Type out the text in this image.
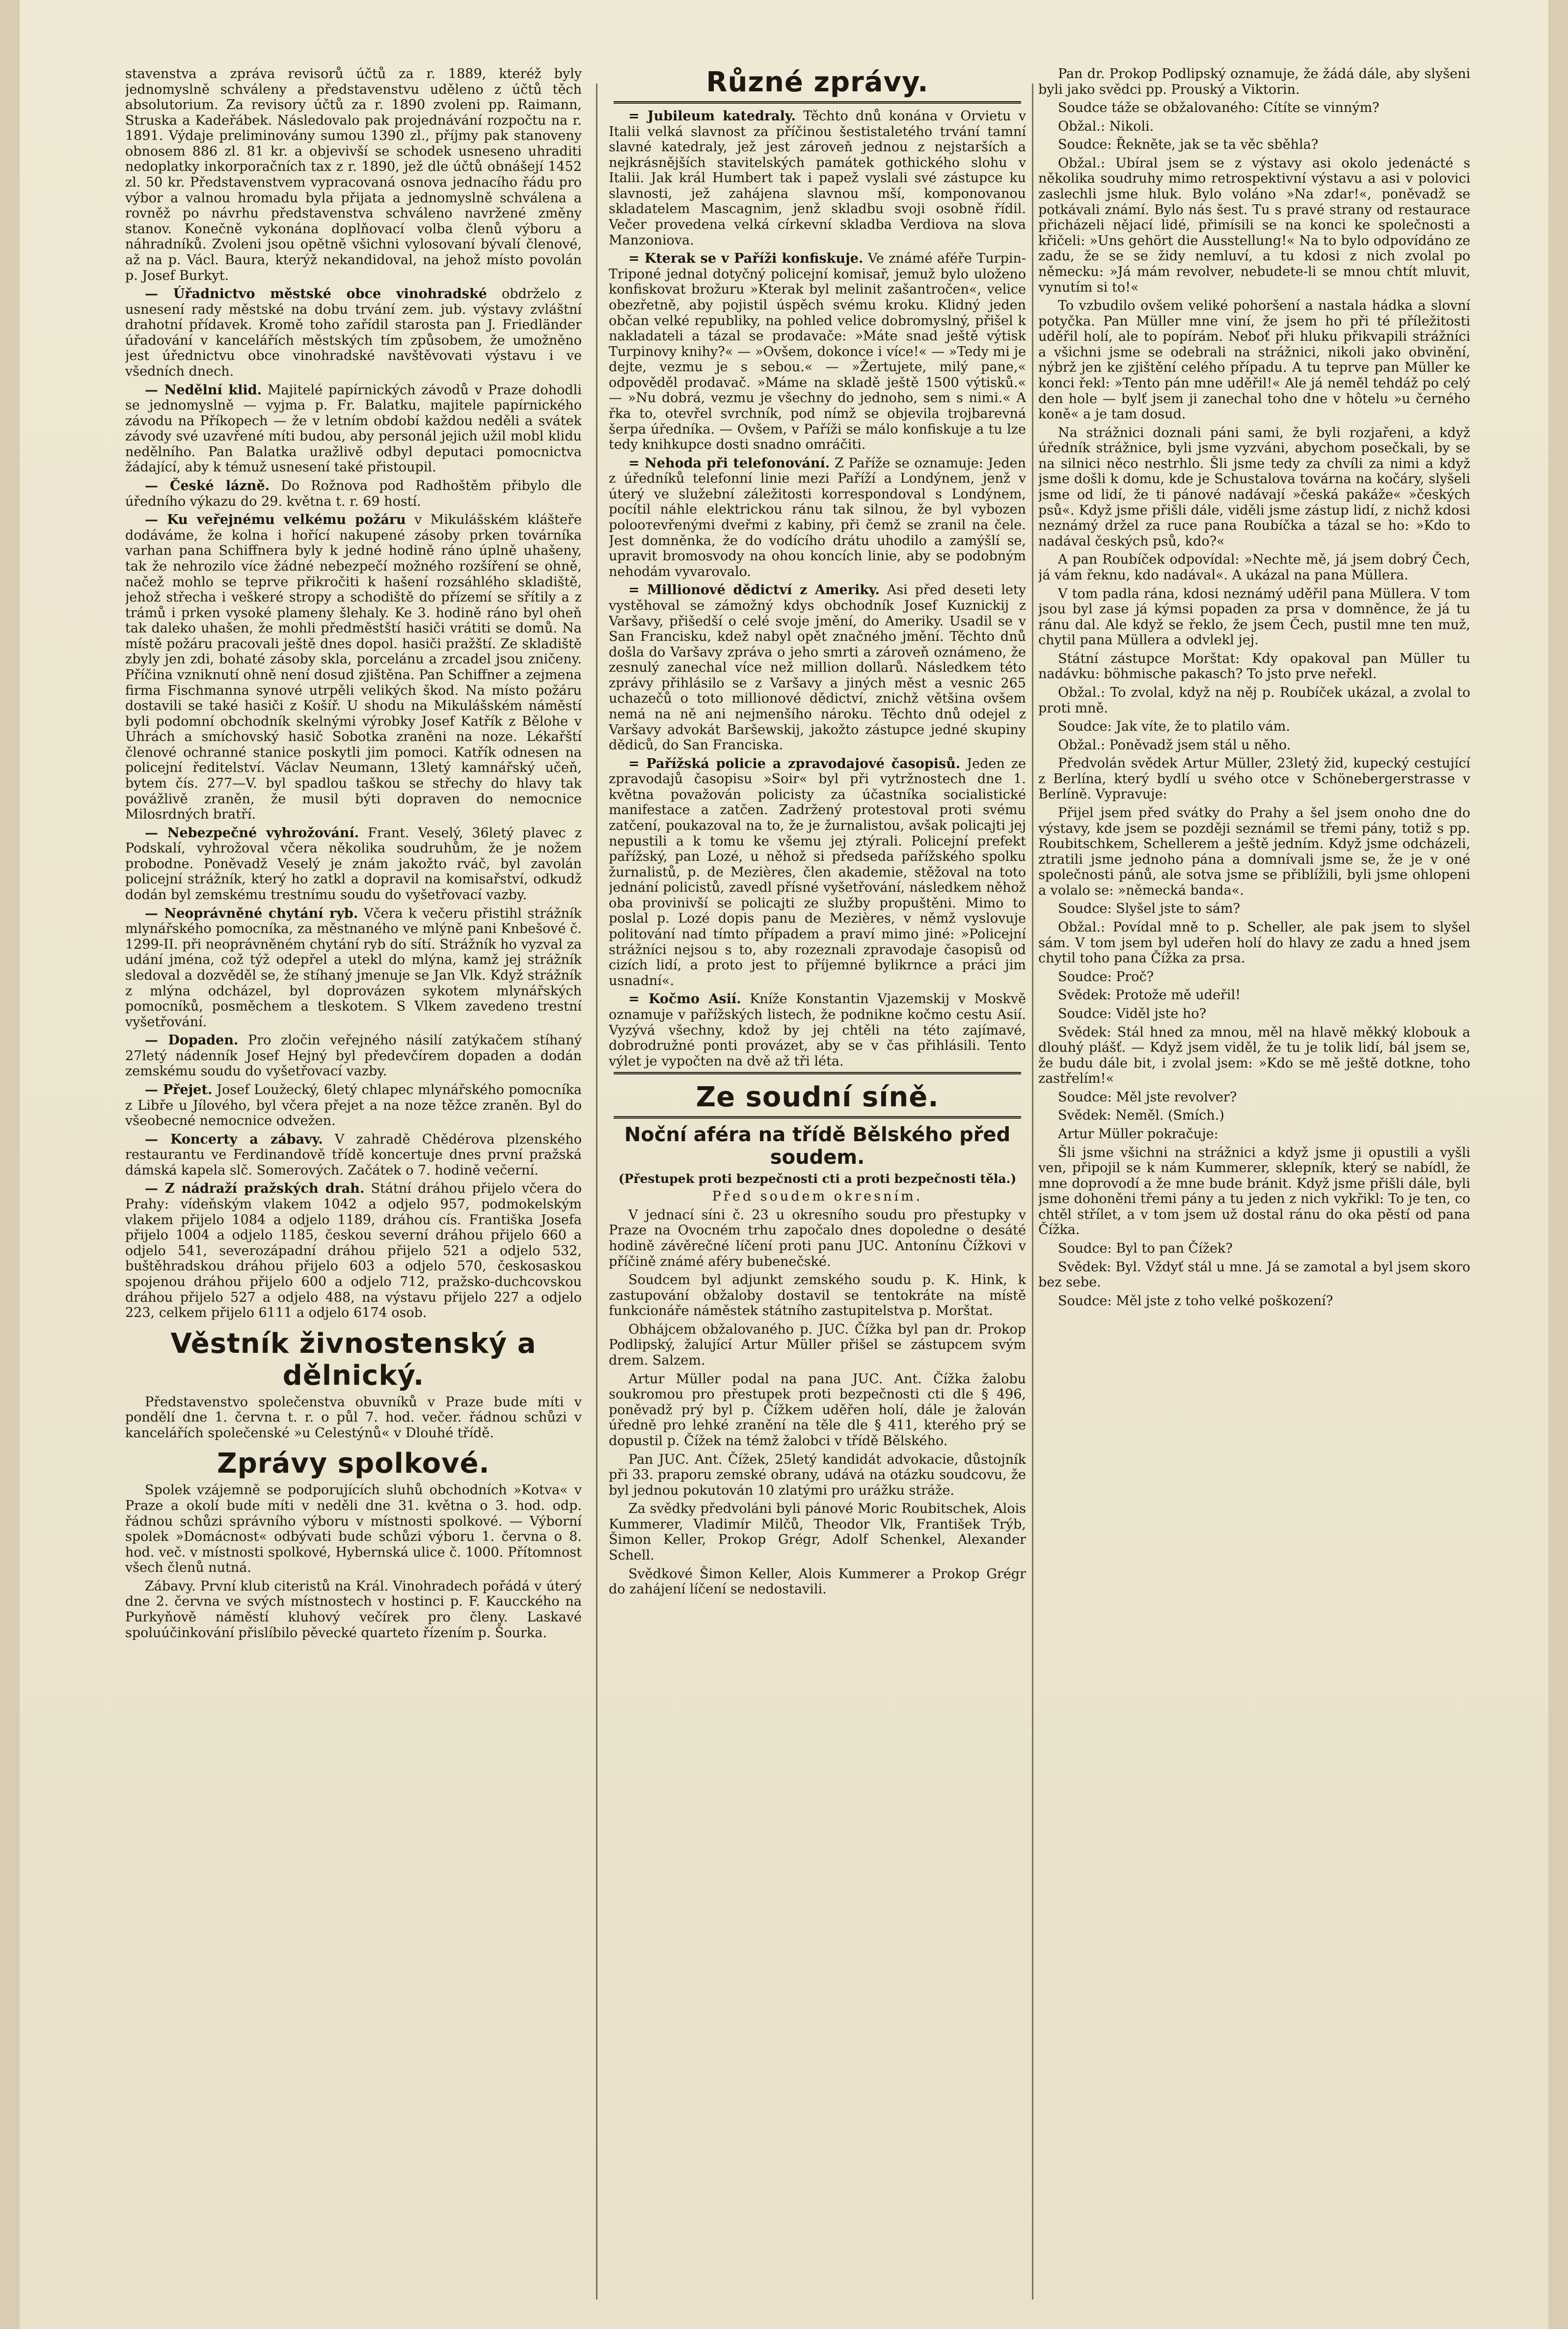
stavenstva a zpráva revisorů účtů za r. 1889, kteréž byly jednomyslně schváleny a představenstvu uděleno z účtů těch absolutorium. Za revisory účtů za r. 1890 zvoleni pp. Raimann, Struska a Kadeřábek. Následovalo pak projednávání rozpočtu na r. 1891. Výdaje preliminovány sumou 1390 zl., příjmy pak stanoveny obnosem 886 zl. 81 kr. a objevivší se schodek usneseno uhraditi nedoplatky inkorporačních tax z r. 1890, jež dle účtů obnášejí 1452 zl. 50 kr. Představenstvem vypracovaná osnova jednacího řádu pro výbor a valnou hromadu byla přijata a jednomyslně schválena a rovněž po návrhu představenstva schváleno navržené změny stanov. Konečně vykonána doplňovací volba členů výboru a náhradníků. Zvoleni jsou opětně všichni vylosovaní bývalí členové, až na p. Václ. Baura, kterýž nekandidoval, na jehož místo povolán p. Josef Burkyt.

— Úřadnictvo městské obce vinohradské obdrželo z usnesení rady městské na dobu trvání zem. jub. výstavy zvláštní drahotní přídavek. Kromě toho zařídil starosta pan J. Friedländer úřadování v kancelářích městských tím způsobem, že umožněno jest úřednictvu obce vinohradské navštěvovati výstavu i ve všedních dnech.

— Nedělní klid. Majitelé papírnických závodů v Praze dohodli se jednomyslně — vyjma p. Fr. Balatku, majitele papírnického závodu na Příkopech — že v letním období každou neděli a svátek závody své uzavřené míti budou, aby personál jejich užil mobl klidu nedělního. Pan Balatka uražlivě odbyl deputaci pomocnictva žádající, aby k témuž usnesení také přistoupil.

— České lázně. Do Rožnova pod Radhoštěm přibylo dle úředního výkazu do 29. května t. r. 69 hostí.

— Ku veřejnému velkému požáru v Mikulášském klášteře dodáváme, že kolna i hořící nakupené zásoby prken továrníka varhan pana Schiffnera byly k jedné hodině ráno úplně uhašeny, tak že nehrozilo více žádné nebezpečí možného rozšíření se ohně, načež mohlo se teprve přikročiti k hašení rozsáhlého skladiště, jehož střecha i veškeré stropy a schodiště do přízemí se sřítily a z trámů i prken vysoké plameny šlehaly. Ke 3. hodině ráno byl oheň tak daleko uhašen, že mohli předměstští hasiči vrátiti se domů. Na místě požáru pracovali ještě dnes dopol. hasiči pražští. Ze skladiště zbyly jen zdi, bohaté zásoby skla, porcelánu a zrcadel jsou zničeny. Příčina vzniknutí ohně není dosud zjištěna. Pan Schiffner a zejmena firma Fischmanna synové utrpěli velikých škod. Na místo požáru dostavili se také hasiči z Košíř. U shodu na Mikulášském náměstí byli podomní obchodník skelnými výrobky Josef Katřík z Bělohe v Uhrách a smíchovský hasič Sobotka zraněni na noze. Lékařští členové ochranné stanice poskytli jim pomoci. Katřík odnesen na policejní ředitelství. Václav Neumann, 13letý kamnářský učeň, bytem čís. 277—V. byl spadlou taškou se střechy do hlavy tak povážlivě zraněn, že musil býti dopraven do nemocnice Milosrdných bratří.

— Nebezpečné vyhrožování. Frant. Veselý, 36letý plavec z Podskalí, vyhrožoval včera několika soudruhům, že je nožem probodne. Poněvadž Veselý je znám jakožto rváč, byl zavolán policejní strážník, který ho zatkl a dopravil na komisařství, odkudž dodán byl zemskému trestnímu soudu do vyšetřovací vazby.

— Neoprávněné chytání ryb. Včera k večeru přistihl strážník mlynářského pomocníka, za městnaného ve mlýně pani Knbešové č. 1299-II. při neoprávněném chytání ryb do sítí. Strážník ho vyzval za udání jména, což týž odepřel a utekl do mlýna, kamž jej strážník sledoval a dozvěděl se, že stíhaný jmenuje se Jan Vlk. Když strážník z mlýna odcházel, byl doprovázen sykotem mlynářských pomocníků, posměchem a tleskotem. S Vlkem zavedeno trestní vyšetřování.

— Dopaden. Pro zločin veřejného násilí zatýkačem stíhaný 27letý nádenník Josef Hejný byl předevčírem dopaden a dodán zemskému soudu do vyšetřovací vazby.

— Přejet. Josef Loužecký, 6letý chlapec mlynářského pomocníka z Libře u Jílového, byl včera přejet a na noze těžce zraněn. Byl do všeobecné nemocnice odvežen.

— Koncerty a zábavy. V zahradě Chědérova plzenského restaurantu ve Ferdinandově třídě koncertuje dnes první pražská dámská kapela slč. Somerových. Začátek o 7. hodině večerní.

— Z nádraží pražských drah. Státní dráhou přijelo včera do Prahy: vídeňským vlakem 1042 a odjelo 957, podmokelským vlakem přijelo 1084 a odjelo 1189, dráhou cís. Františka Josefa přijelo 1004 a odjelo 1185, českou severní dráhou přijelo 660 a odjelo 541, severozápadní dráhou přijelo 521 a odjelo 532, buštěhradskou dráhou přijelo 603 a odjelo 570, českosaskou spojenou dráhou přijelo 600 a odjelo 712, pražsko-duchcovskou dráhou přijelo 527 a odjelo 488, na výstavu přijelo 227 a odjelo 223, celkem přijelo 6111 a odjelo 6174 osob.

Věstník živnostenský a dělnický.

Představenstvo společenstva obuvníků v Praze bude míti v pondělí dne 1. června t. r. o půl 7. hod. večer. řádnou schůzi v kancelářích společenské »u Celestýnů« v Dlouhé třídě.

Zprávy spolkové.

Spolek vzájemně se podporujících sluhů obchodních »Kotva« v Praze a okolí bude míti v neděli dne 31. května o 3. hod. odp. řádnou schůzi správního výboru v místnosti spolkové. — Výborní spolek »Domácnost« odbývati bude schůzi výboru 1. června o 8. hod. več. v místnosti spolkové, Hybernská ulice č. 1000. Přítomnost všech členů nutná.

Zábavy. První klub citeristů na Král. Vinohradech pořádá v úterý dne 2. června ve svých místnostech v hostinci p. F. Kaucckého na Purkyňově náměstí kluhový večírek pro členy. Laskavé spoluúčinkování přislíbilo pěvecké quarteto řízením p. Šourka.

Různé zprávy.

= Jubileum katedraly. Těchto dnů konána v Orvietu v Italii velká slavnost za příčinou šestistaletého trvání tamní slavné katedraly, jež jest zároveň jednou z nejstarších a nejkrásnějších stavitelských památek gothického slohu v Italii. Jak král Humbert tak i papež vyslali své zástupce ku slavnosti, jež zahájena slavnou mší, komponovanou skladatelem Mascagnim, jenž skladbu svoji osobně řídil. Večer provedena velká církevní skladba Verdiova na slova Manzoniova.

= Kterak se v Paříži konfiskuje. Ve známé aféře Turpin-Triponé jednal dotyčný policejní komisař, jemuž bylo uloženo konfiskovat brožuru »Kterak byl melinit zašantročen«, velice obezřetně, aby pojistil úspěch svému kroku. Klidný jeden občan velké republiky, na pohled velice dobromyslný, přišel k nakladateli a tázal se prodavače: »Máte snad ještě výtisk Turpinovy knihy?« — »Ovšem, dokonce i více!« — »Tedy mi je dejte, vezmu je s sebou.« — »Žertujete, milý pane,« odpověděl prodavač. »Máme na skladě ještě 1500 výtisků.« — »Nu dobrá, vezmu je všechny do jednoho, sem s nimi.« A řka to, otevřel svrchník, pod nímž se objevila trojbarevná šerpa úředníka. — Ovšem, v Paříži se málo konfiskuje a tu lze tedy knihkupce dosti snadno omráčiti.

= Nehoda při telefonování. Z Paříže se oznamuje: Jeden z úředníků telefonní linie mezi Paříží a Londýnem, jenž v úterý ve služební záležitosti korrespondoval s Londýnem, pocítil náhle elektrickou ránu tak silnou, že byl vybozen poloотevřenými dveřmi z kabiny, při čemž se zranil na čele. Jest domněnka, že do vodícího drátu uhodilo a zamýšlí se, upravit bromosvody na ohou koncích linie, aby se podobným nehodám vyvarovalo.

= Millionové dědictví z Ameriky. Asi před deseti lety vystěhoval se zámožný kdys obchodník Josef Kuznickij z Varšavy, přišedší o celé svoje jmění, do Ameriky. Usadil se v San Francisku, kdež nabyl opět značného jmění. Těchto dnů došla do Varšavy zpráva o jeho smrti a zároveň oznámeno, že zesnulý zanechal více než million dollarů. Následkem této zprávy přihlásilo se z Varšavy a jiných měst a vesnic 265 uchazečů o toto millionové dědictví, znichž většina ovšem nemá na ně ani nejmenšího nároku. Těchto dnů odejel z Varšavy advokát Baršewskij, jakožto zástupce jedné skupiny dědiců, do San Franciska.

= Pařížská policie a zpravodajové časopisů. Jeden ze zpravodajů časopisu »Soir« byl při vytržnostech dne 1. května považován policisty za účastníka socialistické manifestace a zatčen. Zadržený protestoval proti svému zatčení, poukazoval na to, že je žurnalistou, avšak policajti jej nepustili a k tomu ke všemu jej ztýrali. Policejní prefekt pařížský, pan Lozé, u něhož si předseda pařížského spolku žurnalistů, p. de Mezières, člen akademie, stěžoval na toto jednání policistů, zavedl přísné vyšetřování, následkem něhož oba provinivší se policajti ze služby propuštěni. Mimo to poslal p. Lozé dopis panu de Mezières, v němž vyslovuje politování nad tímto případem a praví mimo jiné: »Policejní strážníci nejsou s to, aby rozeznali zpravodaje časopisů od cizích lidí, a proto jest to příjemné bylikrnce a práci jim usnadní«.

= Kočmo Asií. Kníže Konstantin Vjazemskij v Moskvě oznamuje v pařížských listech, že podnikne kočmo cestu Asií. Vyzývá všechny, kdož by jej chtěli na této zajímavé, dobrodružné ponti provázet, aby se v čas přihlásili. Tento výlet je vypočten na dvě až tři léta.

Ze soudní síně.
Noční aféra na třídě Bělského před soudem.
(Přestupek proti bezpečnosti cti a proti bezpečnosti těla.)

Před soudem okresním.

V jednací síni č. 23 u okresního soudu pro přestupky v Praze na Ovocném trhu započalo dnes dopoledne o desáté hodině závěrečné líčení proti panu JUC. Antonínu Čížkovi v příčině známé aféry bubenečské.

Soudcem byl adjunkt zemského soudu p. K. Hink, k zastupování obžaloby dostavil se tentokráte na místě funkcionáře náměstek státního zastupitelstva p. Morštat.

Obhájcem obžalovaného p. JUC. Čížka byl pan dr. Prokop Podlipský, žalující Artur Müller přišel se zástupcem svým drem. Salzem.

Artur Müller podal na pana JUC. Ant. Čížka žalobu soukromou pro přestupek proti bezpečnosti cti dle § 496, poněvadž prý byl p. Čížkem uděřen holí, dále je žalován úředně pro lehké zranění na těle dle § 411, kterého prý se dopustil p. Čížek na témž žalobci v třídě Bělského.

Pan JUC. Ant. Čížek, 25letý kandidát advokacie, důstojník při 33. praporu zemské obrany, udává na otázku soudcovu, že byl jednou pokutován 10 zlatými pro urážku stráže.

Za svědky předvoláni byli pánové Moric Roubitschek, Alois Kummerer, Vladimír Milčů, Theodor Vlk, František Trýb, Šimon Keller, Prokop Grégr, Adolf Schenkel, Alexander Schell.

Svědkové Šimon Keller, Alois Kummerer a Prokop Grégr do zahájení líčení se nedostavili.

Pan dr. Prokop Podlipský oznamuje, že žádá dále, aby slyšeni byli jako svědci pp. Prouský a Viktorin.

Soudce táže se obžalovaného: Cítíte se vinným?

Obžal.: Nikoli.

Soudce: Řekněte, jak se ta věc sběhla?

Obžal.: Ubíral jsem se z výstavy asi okolo jedenácté s několika soudruhy mimo retrospektivní výstavu a asi v polovici zaslechli jsme hluk. Bylo voláno »Na zdar!«, poněvadž se potkávali známí. Bylo nás šest. Tu s pravé strany od restaurace přicházeli nějací lidé, přimísili se na konci ke společnosti a křičeli: »Uns gehört die Ausstellung!« Na to bylo odpovídáno ze zadu, že se se židy nemluví, a tu kdosi z nich zvolal po německu: »Já mám revolver, nebudete-li se mnou chtít mluvit, vynutím si to!«

To vzbudilo ovšem veliké pohoršení a nastala hádka a slovní potyčka. Pan Müller mne viní, že jsem ho při té příležitosti uděřil holí, ale to popírám. Neboť při hluku přikvapili strážníci a všichni jsme se odebrali na strážnici, nikoli jako obvinění, nýbrž jen ke zjištění celého případu. A tu teprve pan Müller ke konci řekl: »Tento pán mne uděřil!« Ale já neměl tehdáž po celý den hole — bylť jsem ji zanechal toho dne v hôtelu »u černého koně« a je tam dosud.

Na strážnici doznali páni sami, že byli rozjařeni, a když úředník strážnice, byli jsme vyzváni, abychom posečkali, by se na silnici něco nestrhlo. Šli jsme tedy za chvíli za nimi a když jsme došli k domu, kde je Schustalova továrna na kočáry, slyšeli jsme od lidí, že ti pánové nadávají »česká pakáže« »českých psů«. Když jsme přišli dále, viděli jsme zástup lidí, z nichž kdosi neznámý držel za ruce pana Roubíčka a tázal se ho: »Kdo to nadával českých psů, kdo?«

A pan Roubíček odpovídal: »Nechte mě, já jsem dobrý Čech, já vám řeknu, kdo nadával«. A ukázal na pana Müllera.

V tom padla rána, kdosi neznámý uděřil pana Müllera. V tom jsou byl zase já kýmsi popaden za prsa v domněnce, že já tu ránu dal. Ale když se řeklo, že jsem Čech, pustil mne ten muž, chytil pana Müllera a odvlekl jej.

Státní zástupce Morštat: Kdy opakoval pan Müller tu nadávku: böhmische pakasch? To jsto prve neřekl.

Obžal.: To zvolal, když na něj p. Roubíček ukázal, a zvolal to proti mně.

Soudce: Jak víte, že to platilo vám.

Obžal.: Poněvadž jsem stál u něho.

Předvolán svědek Artur Müller, 23letý žid, kupecký cestující z Berlína, který bydlí u svého otce v Schönebergerstrasse v Berlíně. Vypravuje:

Přijel jsem před svátky do Prahy a šel jsem onoho dne do výstavy, kde jsem se později seznámil se třemi pány, totiž s pp. Roubitschkem, Schellerem a ještě jedním. Když jsme odcházeli, ztratili jsme jednoho pána a domnívali jsme se, že je v oné společnosti pánů, ale sotva jsme se přiblížili, byli jsme ohlopeni a volalo se: »německá banda«.

Soudce: Slyšel jste to sám?

Obžal.: Povídal mně to p. Scheller, ale pak jsem to slyšel sám. V tom jsem byl udeřen holí do hlavy ze zadu a hned jsem chytil toho pana Čížka za prsa.

Soudce: Proč?

Svědek: Protože mě udeřil!

Soudce: Viděl jste ho?

Svědek: Stál hned za mnou, měl na hlavě měkký klobouk a dlouhý plášť. — Když jsem viděl, že tu je tolik lidí, bál jsem se, že budu dále bit, i zvolal jsem: »Kdo se mě ještě dotkne, toho zastřelím!«

Soudce: Měl jste revolver?

Svědek: Neměl. (Smích.)

Artur Müller pokračuje:

Šli jsme všichni na strážnici a když jsme ji opustili a vyšli ven, připojil se k nám Kummerer, sklepník, který se nabídl, že mne doprovodí a že mne bude bránit. Když jsme přišli dále, byli jsme dohoněni třemi pány a tu jeden z nich vykřikl: To je ten, co chtěl střílet, a v tom jsem už dostal ránu do oka pěstí od pana Čížka.

Soudce: Byl to pan Čížek?

Svědek: Byl. Vždyť stál u mne. Já se zamotal a byl jsem skoro bez sebe.

Soudce: Měl jste z toho velké poškození?
